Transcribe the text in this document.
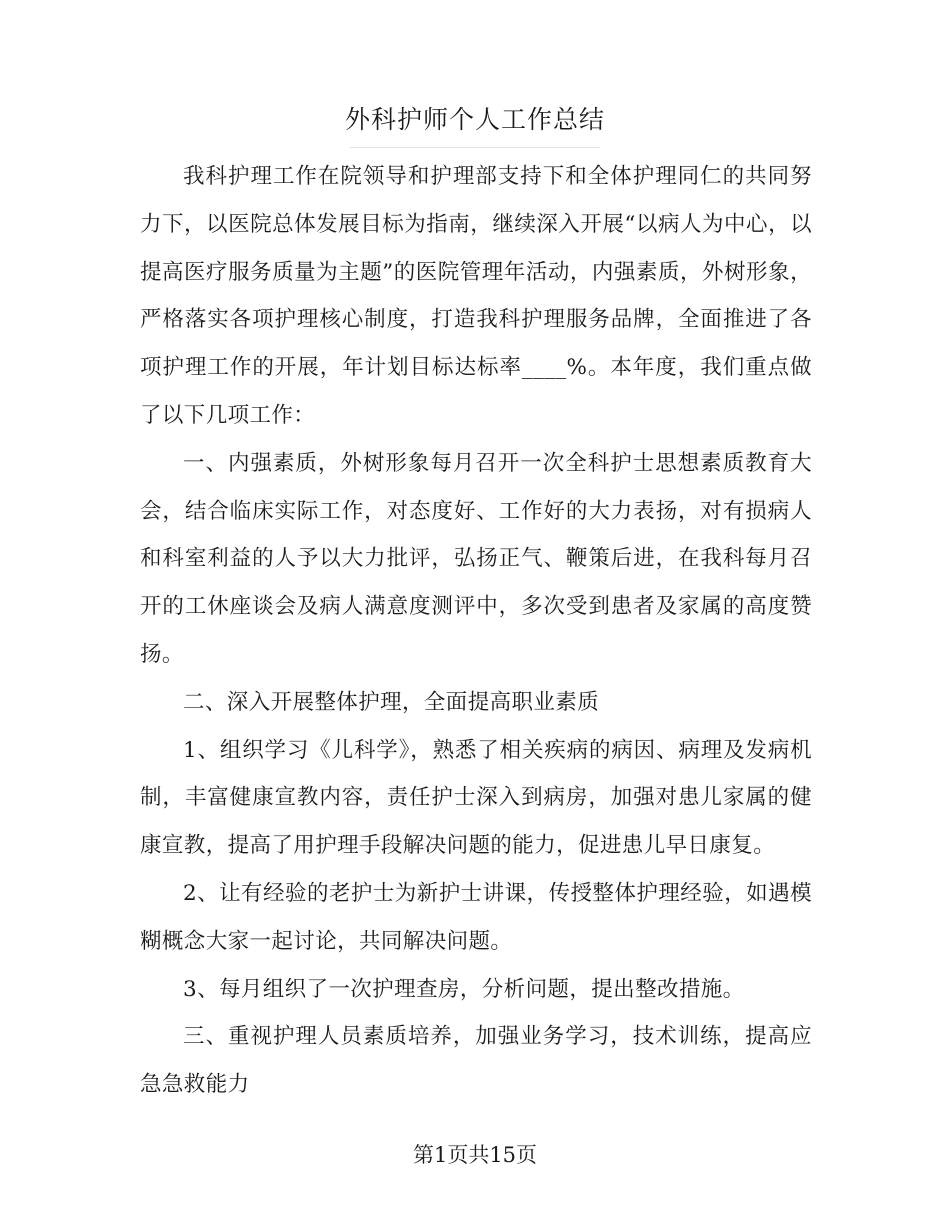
外科护师个人工作总结

我科护理工作在院领导和护理部支持下和全体护理同仁的共同努力下，以医院总体发展目标为指南，继续深入开展“以病人为中心，以提高医疗服务质量为主题”的医院管理年活动，内强素质，外树形象，严格落实各项护理核心制度，打造我科护理服务品牌，全面推进了各项护理工作的开展，年计划目标达标率____%。本年度，我们重点做了以下几项工作：

一、内强素质，外树形象每月召开一次全科护士思想素质教育大会，结合临床实际工作，对态度好、工作好的大力表扬，对有损病人和科室利益的人予以大力批评，弘扬正气、鞭策后进，在我科每月召开的工休座谈会及病人满意度测评中，多次受到患者及家属的高度赞扬。

二、深入开展整体护理，全面提高职业素质

1、组织学习《儿科学》，熟悉了相关疾病的病因、病理及发病机制，丰富健康宣教内容，责任护士深入到病房，加强对患儿家属的健康宣教，提高了用护理手段解决问题的能力，促进患儿早日康复。

2、让有经验的老护士为新护士讲课，传授整体护理经验，如遇模糊概念大家一起讨论，共同解决问题。

3、每月组织了一次护理查房，分析问题，提出整改措施。

三、重视护理人员素质培养，加强业务学习，技术训练，提高应急急救能力

第1页共15页
